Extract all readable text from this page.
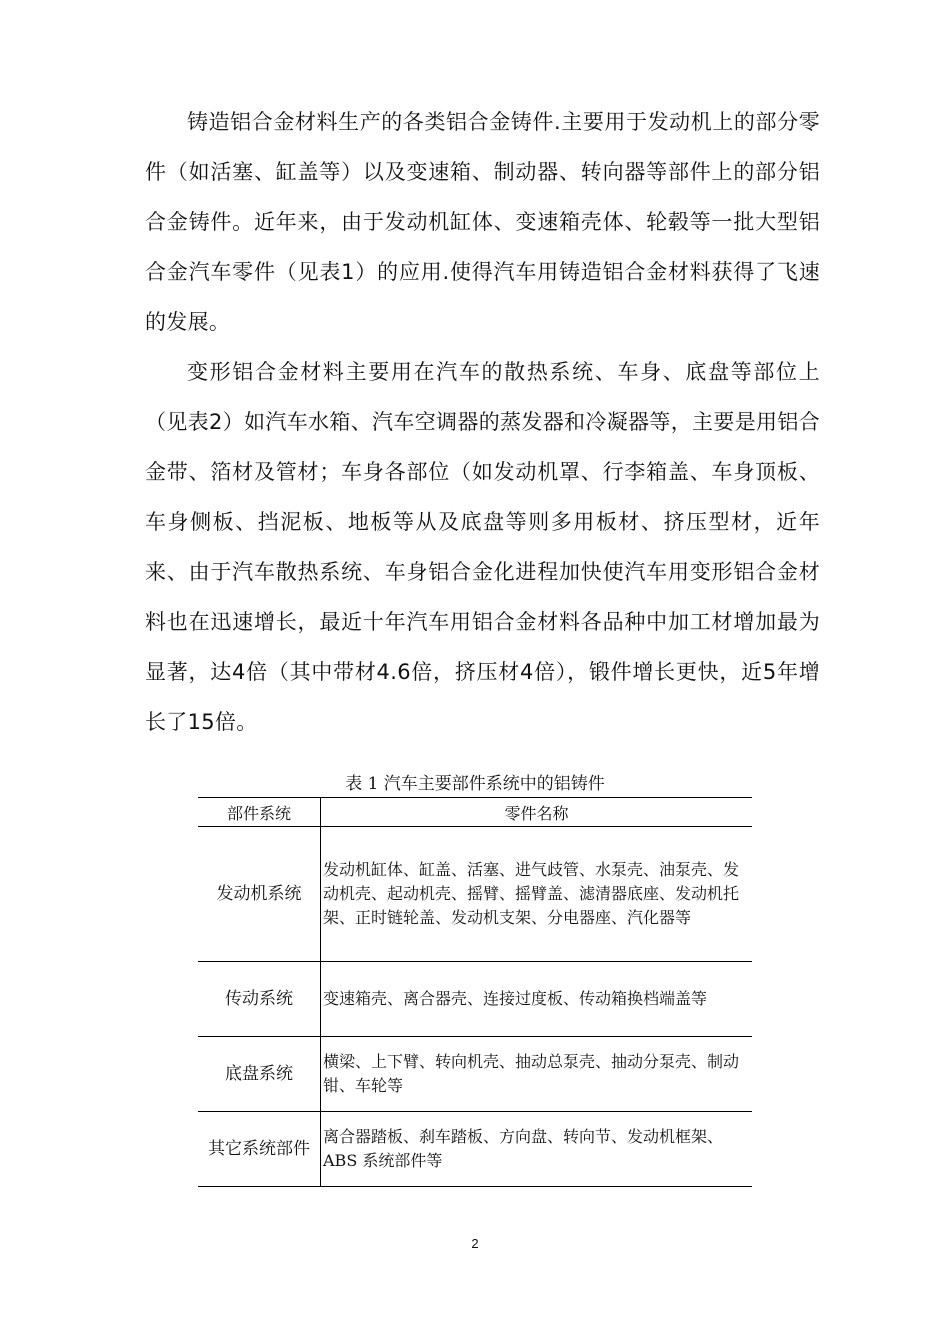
铸造铝合金材料生产的各类铝合金铸件.主要用于发动机上的部分零件（如活塞、缸盖等）以及变速箱、制动器、转向器等部件上的部分铝合金铸件。近年来，由于发动机缸体、变速箱壳体、轮毂等一批大型铝合金汽车零件（见表1）的应用.使得汽车用铸造铝合金材料获得了飞速的发展。

变形铝合金材料主要用在汽车的散热系统、车身、底盘等部位上（见表2）如汽车水箱、汽车空调器的蒸发器和冷凝器等，主要是用铝合金带、箔材及管材；车身各部位（如发动机罩、行李箱盖、车身顶板、车身侧板、挡泥板、地板等从及底盘等则多用板材、挤压型材，近年来、由于汽车散热系统、车身铝合金化进程加快使汽车用变形铝合金材料也在迅速增长，最近十年汽车用铝合金材料各品种中加工材增加最为显著，达4倍（其中带材4.6倍，挤压材4倍），锻件增长更快，近5年增长了15倍。

表 1 汽车主要部件系统中的铝铸件
部件系统	零件名称
发动机系统	发动机缸体、缸盖、活塞、进气歧管、水泵壳、油泵壳、发动机壳、起动机壳、摇臂、摇臂盖、滤清器底座、发动机托架、正时链轮盖、发动机支架、分电器座、汽化器等
传动系统	变速箱壳、离合器壳、连接过度板、传动箱换档端盖等
底盘系统	横梁、上下臂、转向机壳、抽动总泵壳、抽动分泵壳、制动钳、车轮等
其它系统部件	离合器踏板、刹车踏板、方向盘、转向节、发动机框架、ABS 系统部件等
2
